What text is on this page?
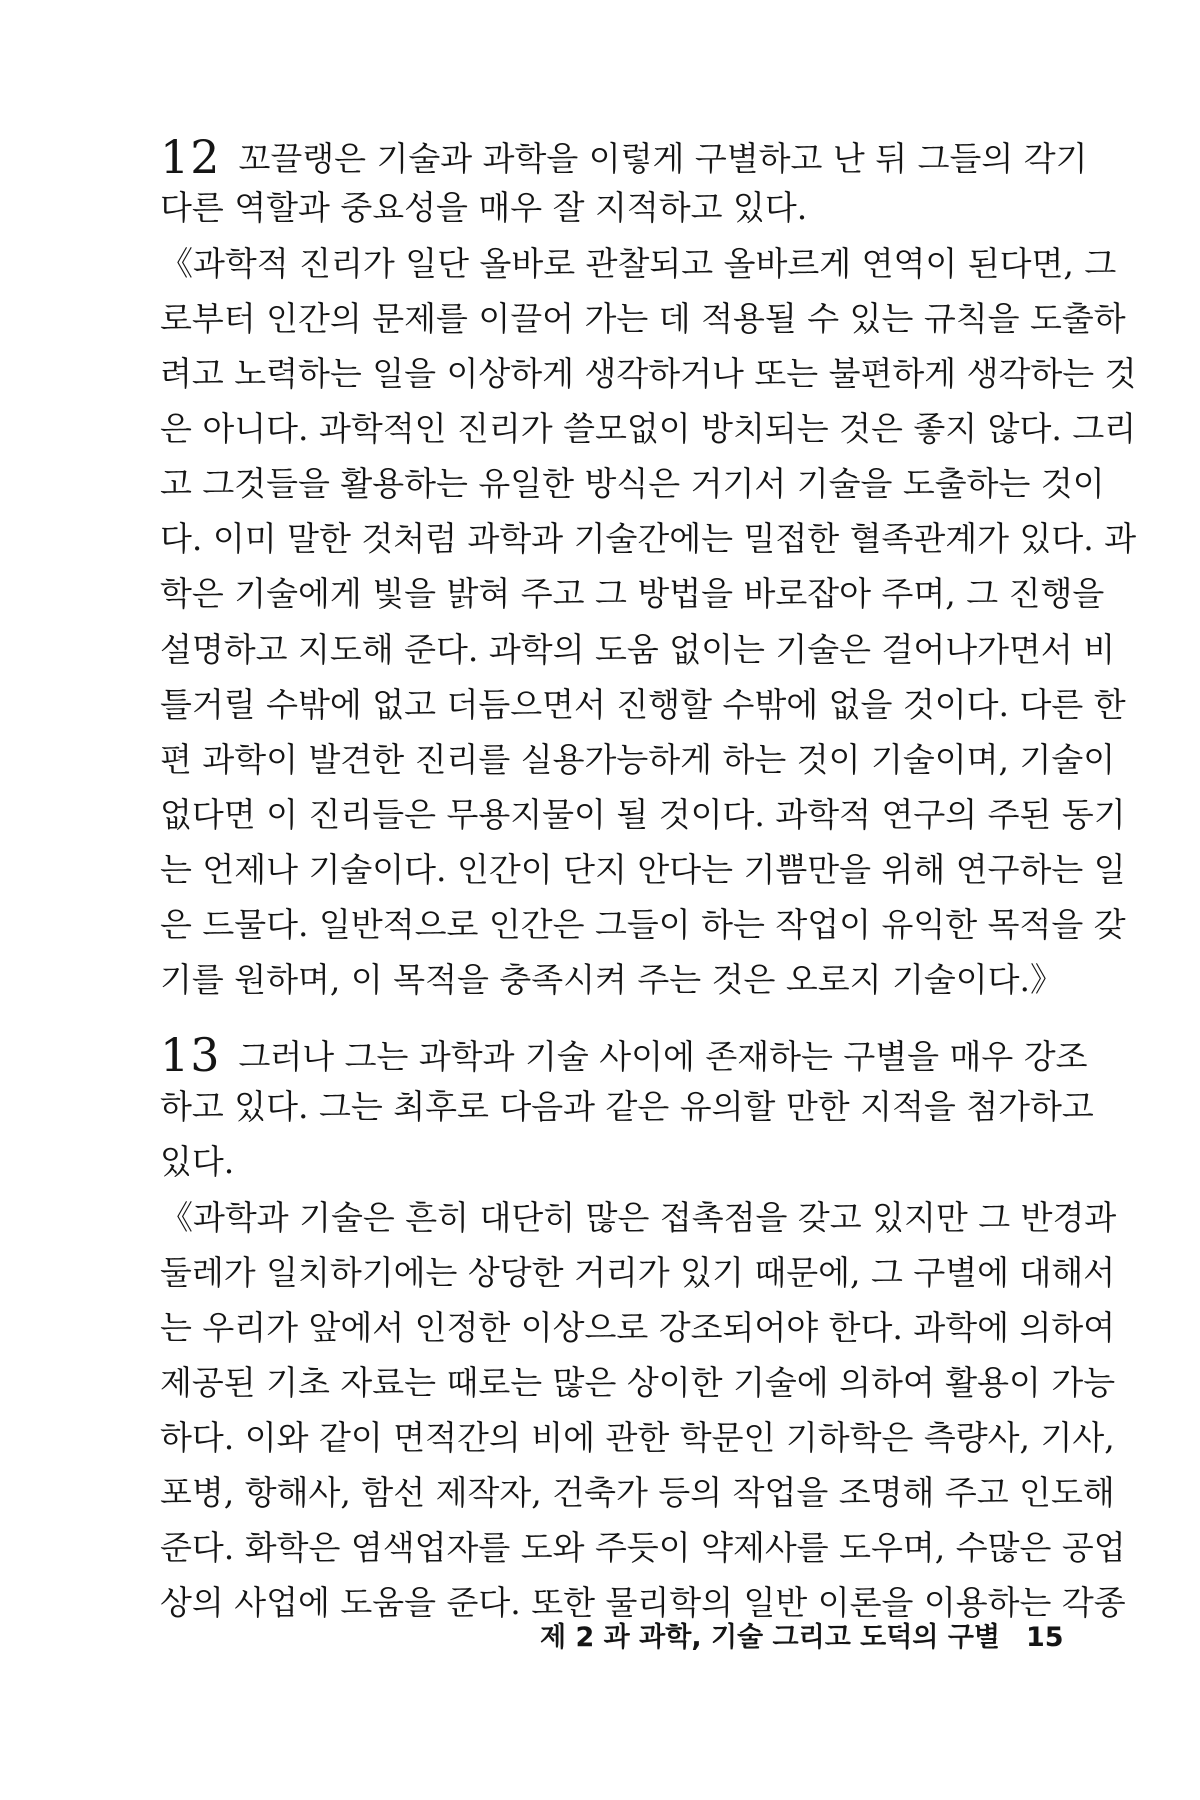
12 꼬끌랭은 기술과 과학을 이렇게 구별하고 난 뒤 그들의 각기
다른 역할과 중요성을 매우 잘 지적하고 있다.
《과학적 진리가 일단 올바로 관찰되고 올바르게 연역이 된다면, 그
로부터 인간의 문제를 이끌어 가는 데 적용될 수 있는 규칙을 도출하
려고 노력하는 일을 이상하게 생각하거나 또는 불편하게 생각하는 것
은 아니다. 과학적인 진리가 쓸모없이 방치되는 것은 좋지 않다. 그리
고 그것들을 활용하는 유일한 방식은 거기서 기술을 도출하는 것이
다. 이미 말한 것처럼 과학과 기술간에는 밀접한 혈족관계가 있다. 과
학은 기술에게 빛을 밝혀 주고 그 방법을 바로잡아 주며, 그 진행을
설명하고 지도해 준다. 과학의 도움 없이는 기술은 걸어나가면서 비
틀거릴 수밖에 없고 더듬으면서 진행할 수밖에 없을 것이다. 다른 한
편 과학이 발견한 진리를 실용가능하게 하는 것이 기술이며, 기술이
없다면 이 진리들은 무용지물이 될 것이다. 과학적 연구의 주된 동기
는 언제나 기술이다. 인간이 단지 안다는 기쁨만을 위해 연구하는 일
은 드물다. 일반적으로 인간은 그들이 하는 작업이 유익한 목적을 갖
기를 원하며, 이 목적을 충족시켜 주는 것은 오로지 기술이다.》
13 그러나 그는 과학과 기술 사이에 존재하는 구별을 매우 강조
하고 있다. 그는 최후로 다음과 같은 유의할 만한 지적을 첨가하고
있다.
《과학과 기술은 흔히 대단히 많은 접촉점을 갖고 있지만 그 반경과
둘레가 일치하기에는 상당한 거리가 있기 때문에, 그 구별에 대해서
는 우리가 앞에서 인정한 이상으로 강조되어야 한다. 과학에 의하여
제공된 기초 자료는 때로는 많은 상이한 기술에 의하여 활용이 가능
하다. 이와 같이 면적간의 비에 관한 학문인 기하학은 측량사, 기사,
포병, 항해사, 함선 제작자, 건축가 등의 작업을 조명해 주고 인도해
준다. 화학은 염색업자를 도와 주듯이 약제사를 도우며, 수많은 공업
상의 사업에 도움을 준다. 또한 물리학의 일반 이론을 이용하는 각종
제 2 과 과학, 기술 그리고 도덕의 구별 15
